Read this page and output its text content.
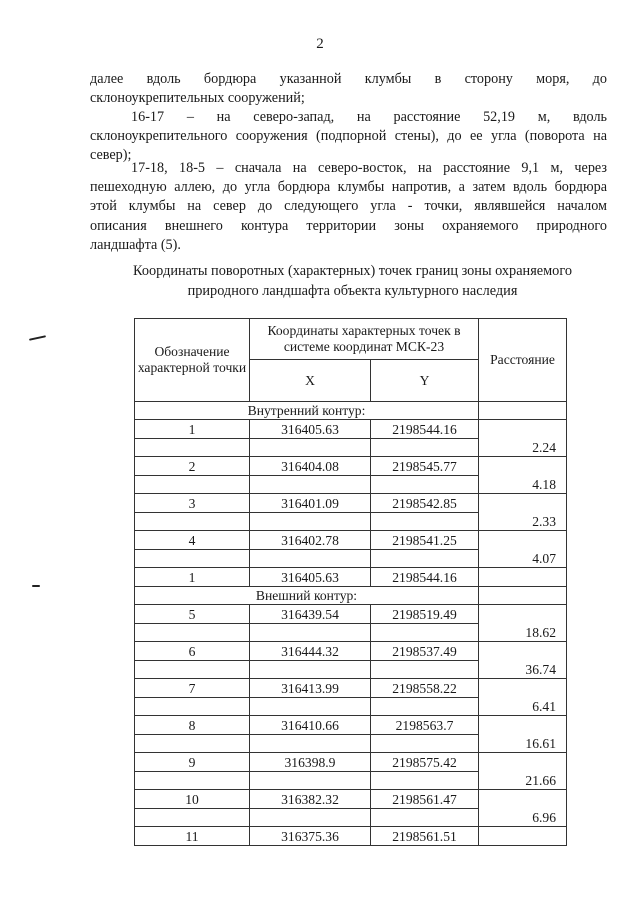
2
далее вдоль бордюра указанной клумбы в сторону моря, до
склоноукрепительных сооружений;
16-17 – на северо-запад, на расстояние 52,19 м, вдоль
склоноукрепительного сооружения (подпорной стены), до ее угла (поворота на
север);
17-18, 18-5 – сначала на северо-восток, на расстояние 9,1 м, через
пешеходную аллею, до угла бордюра клумбы напротив, а затем вдоль бордюра
этой клумбы на север до следующего угла - точки, являвшейся началом
описания внешнего контура территории зоны охраняемого природного
ландшафта (5).
Координаты поворотных (характерных) точек границ зоны охраняемого
природного ландшафта объекта культурного наследия
Обозначение характерной точки	Координаты характерных точек в системе координат МСК-23		Расстояние
	X	Y	
Внутренний контур:			
1	316405.63	2198544.16	
			2.24
2	316404.08	2198545.77	
			4.18
3	316401.09	2198542.85	
			2.33
4	316402.78	2198541.25	
			4.07
1	316405.63	2198544.16	
Внешний контур:			
5	316439.54	2198519.49	
			18.62
6	316444.32	2198537.49	
			36.74
7	316413.99	2198558.22	
			6.41
8	316410.66	2198563.7	
			16.61
9	316398.9	2198575.42	
			21.66
10	316382.32	2198561.47	
			6.96
11	316375.36	2198561.51	
